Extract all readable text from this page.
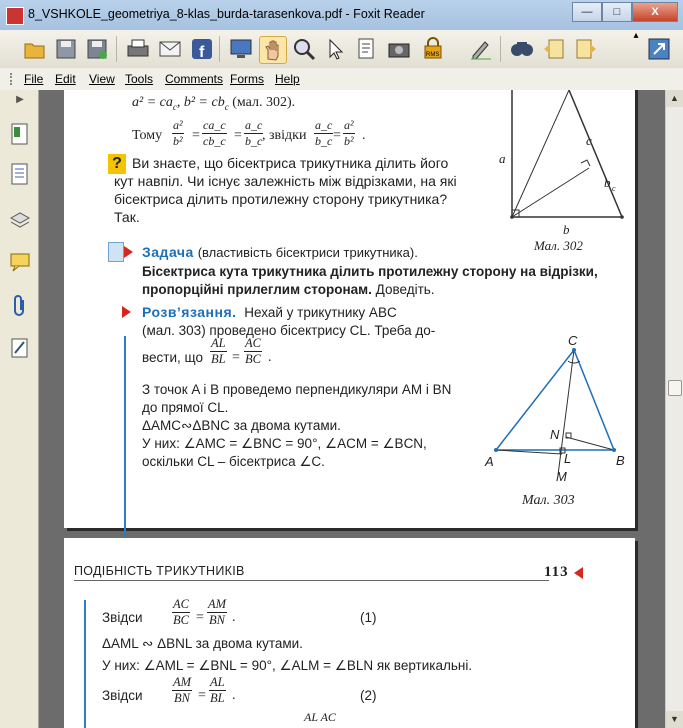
8_VSHKOLE_geometriya_8-klas_burda-tarasenkova.pdf - Foxit Reader	—	□	X
f	RMS
▴
File Edit View Tools Comments Forms Help
▶	$a^2 = ca_c$, $b^2 = cb_c$ (мал. 302).
Тому $\frac{\text{a²}}{\text{b²}} = \frac{ca\_c}{cb\_c} = \frac{a\_c}{b\_c}$
, звідки $\frac{a\_c}{b\_c} = \frac{\text{a²}}{\text{b²}}$ .
? Ви знаєте, що бісектриса трикутника ділить його
кут навпіл. Чи існує залежність між відрізками, на які
бісектриса ділить протилежну сторону трикутника?
Так.
a
c
b c
b
Мал. 302
Задача (властивість бісектриси трикутника).
Бісектриса кута трикутника ділить протилежну сторону на відрізки,
пропорційні прилеглим сторонам. Доведіть.
Розв’язання. Нехай у трикутнику ABC
(мал. 303) проведено бісектрису CL. Треба до-
вести, що $\frac{AL}{BL} = \frac{AC}{BC}$ .
З точок A і B проведемо перпендикуляри AM і BN
до прямої CL.
ΔAMC∾ΔBNC за двома кутами.
У них: ∠AMC = ∠BNC = 90°, ∠ACM = ∠BCN,
оскільки CL – бісектриса ∠C.
C
N
A	B
L
M
Мал. 303
ПОДІБНІСТЬ ТРИКУТНИКІВ	113
Звідси $\frac{AC}{BC} = \frac{AM}{BN}$ .	(1)
ΔAML ∾ ΔBNL за двома кутами.
У них: ∠AML = ∠BNL = 90°, ∠ALM = ∠BLN як вертикальні.
Звідси $\frac{AM}{BN} = \frac{AL}{BL}$ .	(2)
AL AC
▲
▼
